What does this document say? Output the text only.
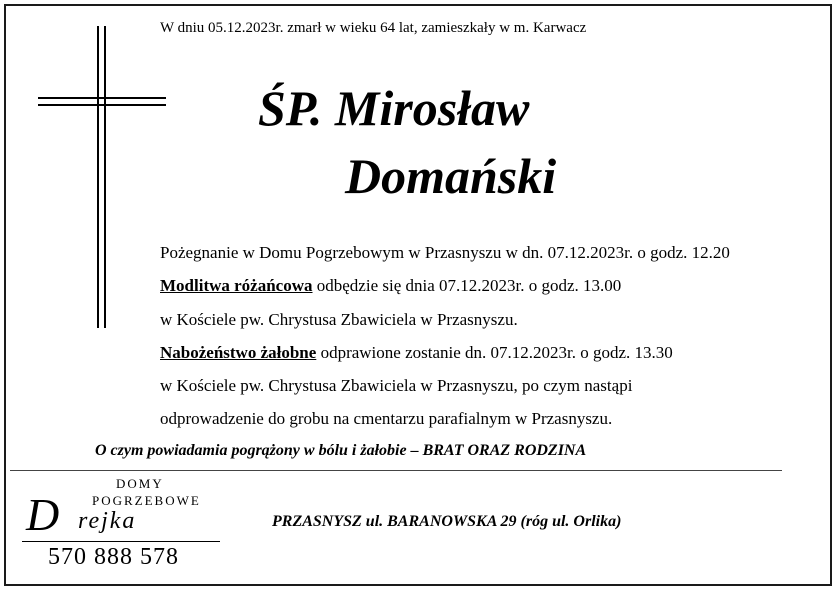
W dniu 05.12.2023r. zmarł w wieku 64 lat, zamieszkały w m. Karwacz
ŚP. Mirosław
Domański
Pożegnanie w Domu Pogrzebowym w Przasnyszu w dn. 07.12.2023r. o godz. 12.20
Modlitwa różańcowa odbędzie się dnia 07.12.2023r. o godz. 13.00
w Kościele pw. Chrystusa Zbawiciela w Przasnyszu.
Nabożeństwo żałobne odprawione zostanie dn. 07.12.2023r. o godz. 13.30
w Kościele pw. Chrystusa Zbawiciela w Przasnyszu, po czym nastąpi
odprowadzenie do grobu na cmentarzu parafialnym w Przasnyszu.
O czym powiadamia pogrążony w bólu i żałobie – BRAT ORAZ RODZINA
DOMY
POGRZEBOWE
D rejka
570 888 578
PRZASNYSZ ul. BARANOWSKA 29 (róg ul. Orlika)
